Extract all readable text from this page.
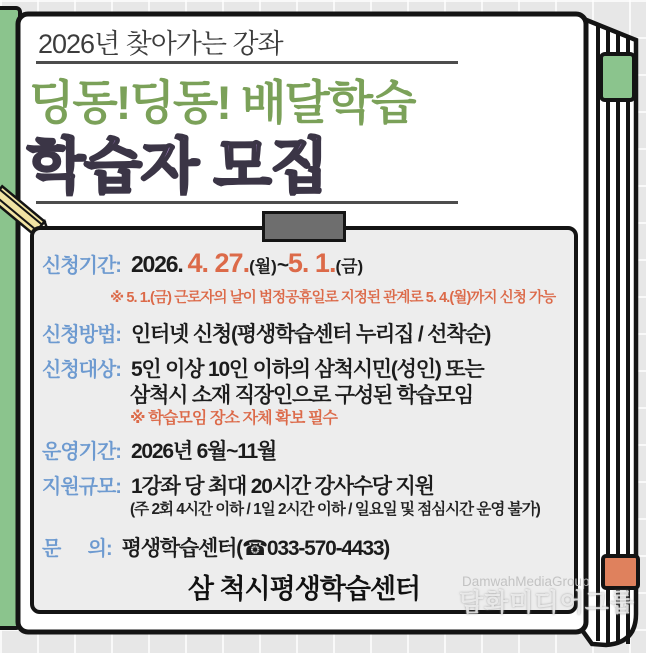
2026년 찾아가는 강좌
딩동!딩동! 배달학습
학습자 모집
신청기간: 2026. 4. 27. (월) ~ 5. 1. (금)
※ 5. 1.(금) 근로자의 날이 법정공휴일로 지정된 관계로 5. 4.(월)까지 신청 가능
신청방법: 인터넷 신청(평생학습센터 누리집 / 선착순)
신청대상: 5인 이상 10인 이하의 삼척시민(성인) 또는
삼척시 소재 직장인으로 구성된 학습모임
※ 학습모임 장소 자체 확보 필수
운영기간: 2026년 6월~11월
지원규모: 1강좌 당 최대 20시간 강사수당 지원
(주 2회 4시간 이하 / 1일 2시간 이하 / 일요일 및 점심시간 운영 불가)
문      의: 평생학습센터( ☎ 033-570-4433)
삼 척시평생학습센터	DamwahMediaGroup
담화미디어그룹
